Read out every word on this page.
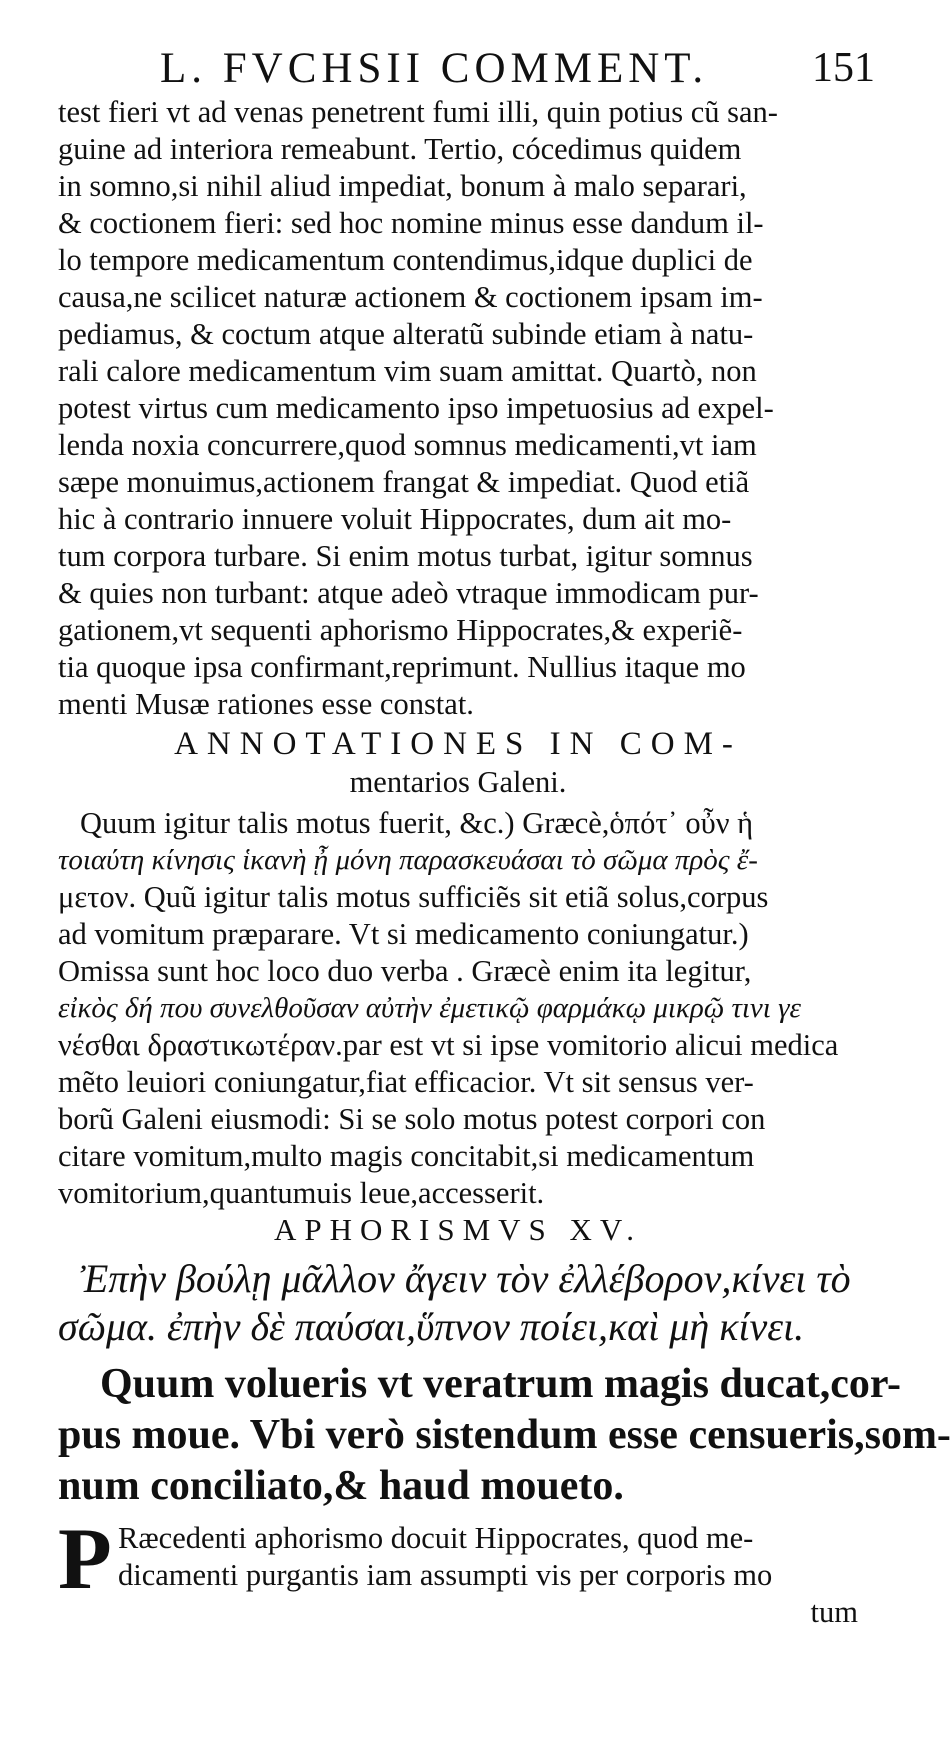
L. FVCHSII COMMENT. 151
test fieri vt ad venas penetrent fumi illi, quin potius cũ san-
guine ad interiora remeabunt. Tertio, cócedimus quidem
in somno,si nihil aliud impediat, bonum à malo separari,
& coctionem fieri: sed hoc nomine minus esse dandum il-
lo tempore medicamentum contendimus,idque duplici de
causa,ne scilicet naturæ actionem & coctionem ipsam im-
pediamus, & coctum atque alteratũ subinde etiam à natu-
rali calore medicamentum vim suam amittat. Quartò, non
potest virtus cum medicamento ipso impetuosius ad expel-
lenda noxia concurrere,quod somnus medicamenti,vt iam
sæpe monuimus,actionem frangat & impediat. Quod etiã
hic à contrario innuere voluit Hippocrates, dum ait mo-
tum corpora turbare. Si enim motus turbat, igitur somnus
& quies non turbant: atque adeò vtraque immodicam pur-
gationem,vt sequenti aphorismo Hippocrates,& experiẽ-
tia quoque ipsa confirmant,reprimunt. Nullius itaque mo
menti Musæ rationes esse constat.
ANNOTATIONES IN COM-
mentarios Galeni.
Quum igitur talis motus fuerit, &c.) Græcè,ὁπότ᾽ οὖν ἡ
τοιαύτη κίνησις ἱκανὴ ᾖ μόνη παρασκευάσαι τὸ σῶμα πρὸς ἔ-
μετον. Quũ igitur talis motus sufficiẽs sit etiã solus,corpus
ad vomitum præparare. Vt si medicamento coniungatur.)
Omissa sunt hoc loco duo verba . Græcè enim ita legitur,
εἰκὸς δή που συνελθοῦσαν αὐτὴν ἐμετικῷ φαρμάκῳ μικρῷ τινι γε
νέσθαι δραστικωτέραν.par est vt si ipse vomitorio alicui medica
mẽto leuiori coniungatur,fiat efficacior. Vt sit sensus ver-
borũ Galeni eiusmodi: Si se solo motus potest corpori con
citare vomitum,multo magis concitabit,si medicamentum
vomitorium,quantumuis leue,accesserit.
APHORISMVS XV.
Ἐπὴν βούλῃ μᾶλλον ἄγειν τὸν ἐλλέβορον,κίνει τὸ
σῶμα. ἐπὴν δὲ παύσαι,ὕπνον ποίει,καὶ μὴ κίνει.
Quum volueris vt veratrum magis ducat,cor-
pus moue. Vbi verò sistendum esse censueris,som-
num conciliato,& haud moueto.
Ræcedenti aphorismo docuit Hippocrates, quod me-
dicamenti purgantis iam assumpti vis per corporis mo
tum
P
